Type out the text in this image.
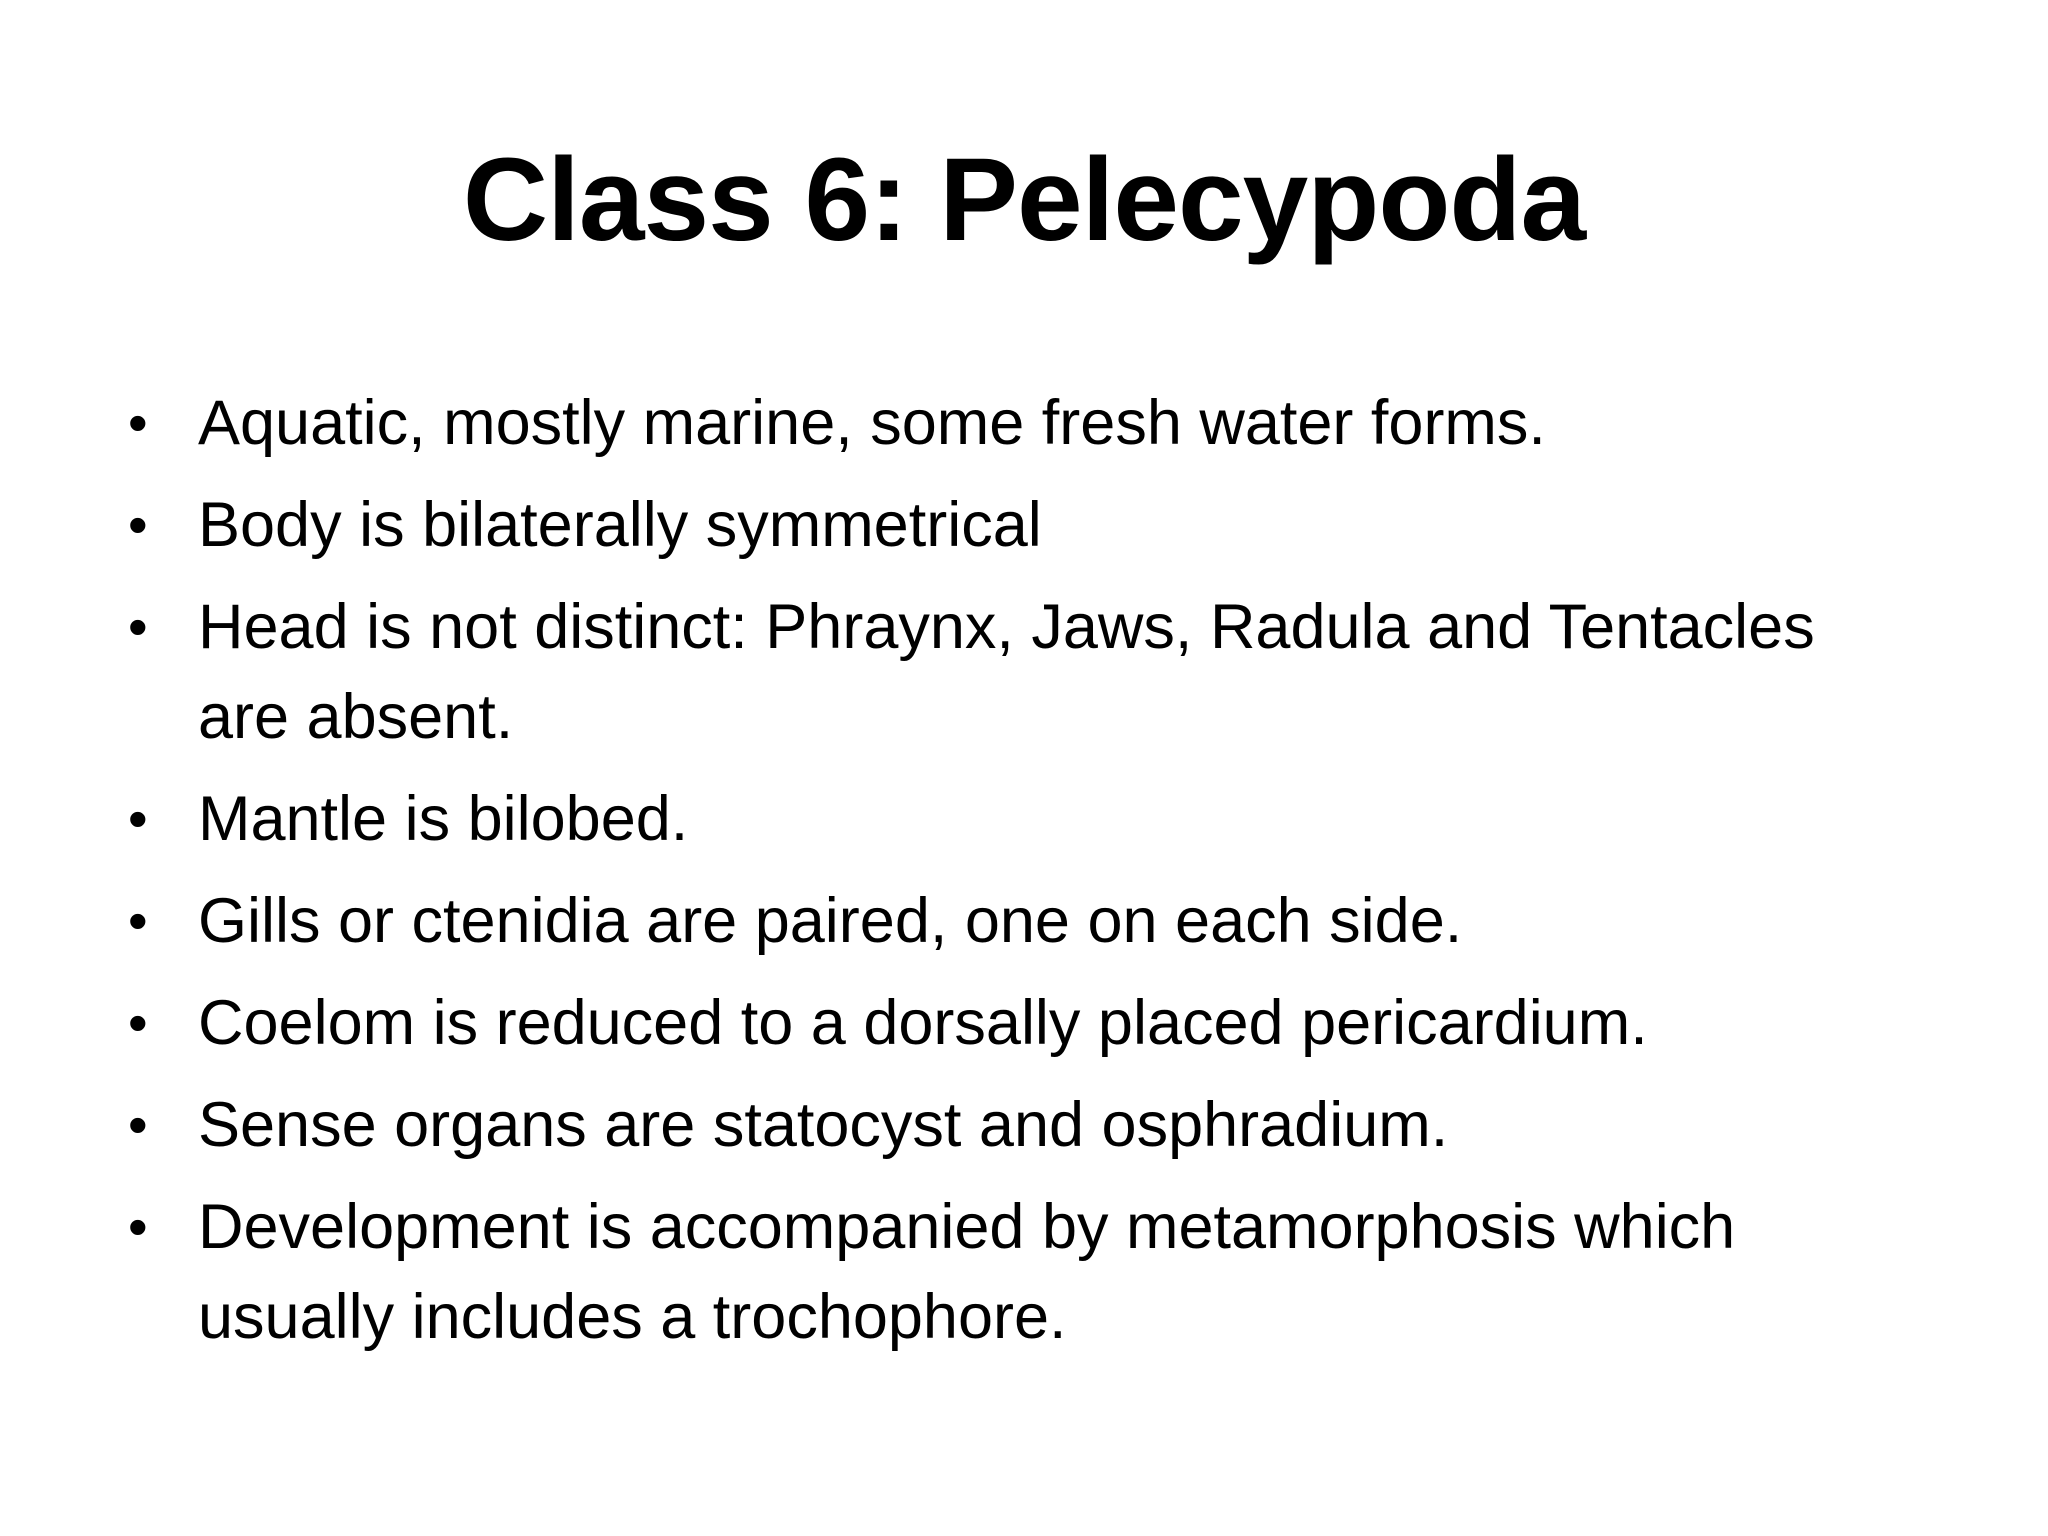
Class 6: Pelecypoda
• Aquatic, mostly marine, some fresh water forms.
• Body is bilaterally symmetrical
• Head is not distinct: Phraynx, Jaws, Radula and Tentacles are absent.
• Mantle is bilobed.
• Gills or ctenidia are paired, one on each side.
• Coelom is reduced to a dorsally placed pericardium.
• Sense organs are statocyst and osphradium.
• Development is accompanied by metamorphosis which usually includes a trochophore.
